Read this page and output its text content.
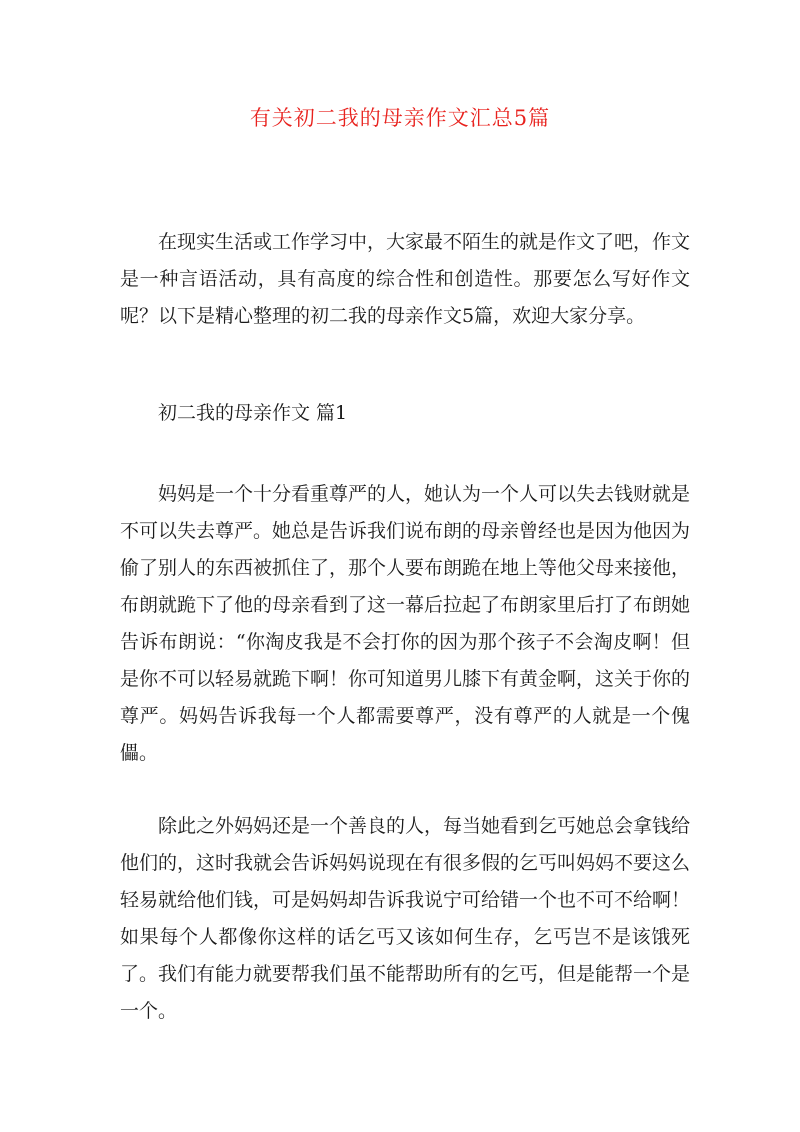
有关初二我的母亲作文汇总5篇

在现实生活或工作学习中，大家最不陌生的就是作文了吧，作文是一种言语活动，具有高度的综合性和创造性。那要怎么写好作文呢？以下是精心整理的初二我的母亲作文5篇，欢迎大家分享。

初二我的母亲作文 篇1

妈妈是一个十分看重尊严的人，她认为一个人可以失去钱财就是不可以失去尊严。她总是告诉我们说布朗的母亲曾经也是因为他因为偷了别人的东西被抓住了，那个人要布朗跪在地上等他父母来接他，布朗就跪下了他的母亲看到了这一幕后拉起了布朗家里后打了布朗她告诉布朗说：“你淘皮我是不会打你的因为那个孩子不会淘皮啊！但是你不可以轻易就跪下啊！你可知道男儿膝下有黄金啊，这关于你的尊严。妈妈告诉我每一个人都需要尊严，没有尊严的人就是一个傀儡。

除此之外妈妈还是一个善良的人，每当她看到乞丐她总会拿钱给他们的，这时我就会告诉妈妈说现在有很多假的乞丐叫妈妈不要这么轻易就给他们钱，可是妈妈却告诉我说宁可给错一个也不可不给啊！如果每个人都像你这样的话乞丐又该如何生存，乞丐岂不是该饿死了。我们有能力就要帮我们虽不能帮助所有的乞丐，但是能帮一个是一个。
